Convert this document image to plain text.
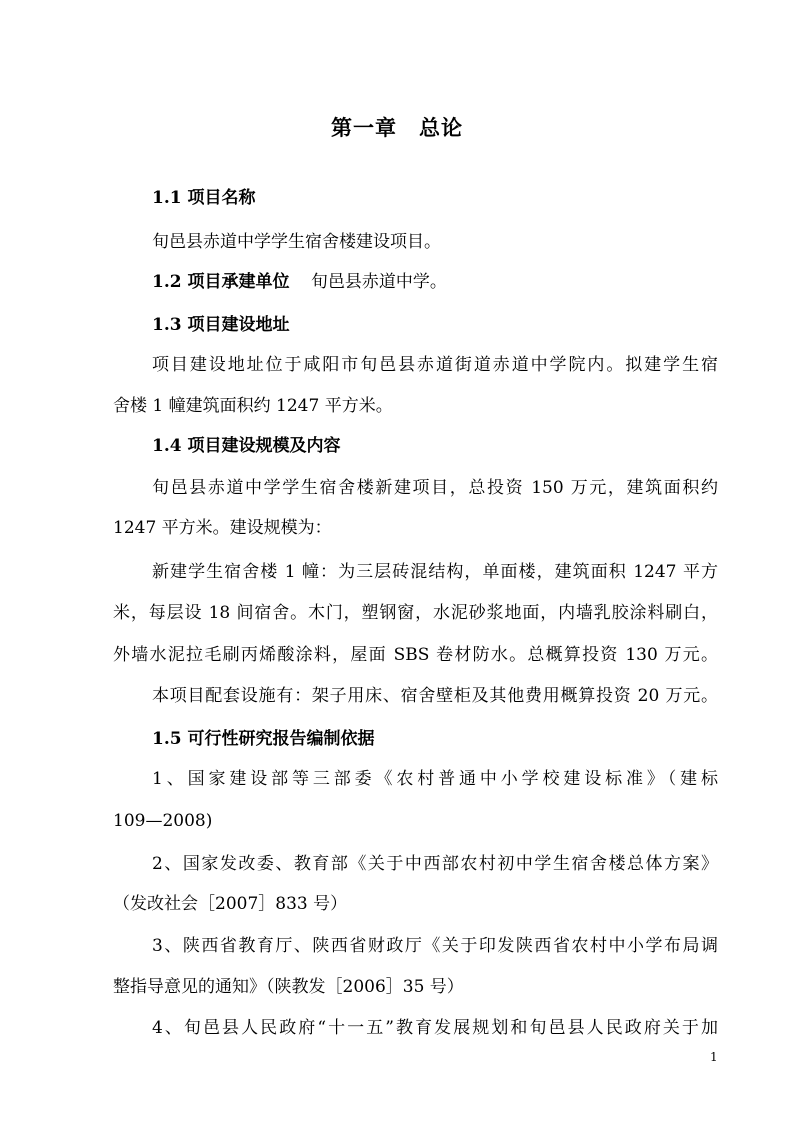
第一章　总论
1.1 项目名称
旬邑县赤道中学学生宿舍楼建设项目。
1.2 项目承建单位 旬邑县赤道中学。
1.3 项目建设地址
项目建设地址位于咸阳市旬邑县赤道街道赤道中学院内。拟建学生宿
舍楼 1 幢建筑面积约 1247 平方米。
1.4 项目建设规模及内容
旬邑县赤道中学学生宿舍楼新建项目，总投资 150 万元，建筑面积约
1247 平方米。建设规模为：
新建学生宿舍楼 1 幢：为三层砖混结构，单面楼，建筑面积 1247 平方
米，每层设 18 间宿舍。木门，塑钢窗，水泥砂浆地面，内墙乳胶涂料刷白，
外墙水泥拉毛刷丙烯酸涂料，屋面 SBS 卷材防水。总概算投资 130 万元。
本项目配套设施有：架子用床、宿舍壁柜及其他费用概算投资 20 万元。
1.5 可行性研究报告编制依据
1、国家建设部等三部委《农村普通中小学校建设标准》（建标
109—2008)
2、国家发改委、教育部《关于中西部农村初中学生宿舍楼总体方案》
（发改社会［2007］833 号）
3、陕西省教育厅、陕西省财政厅《关于印发陕西省农村中小学布局调
整指导意见的通知》（陕教发［2006］35 号）
4、旬邑县人民政府“十一五”教育发展规划和旬邑县人民政府关于加
1
